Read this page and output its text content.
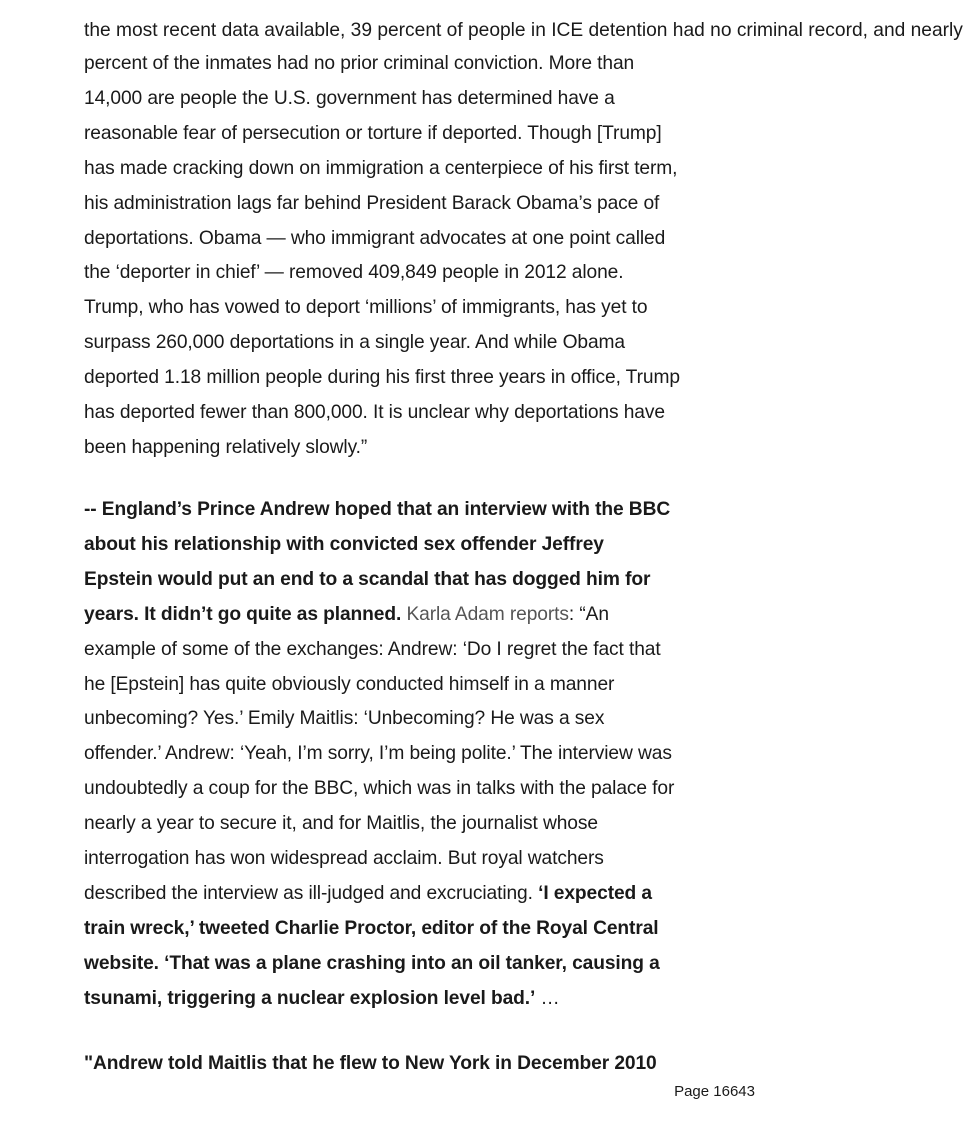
the most recent data available, 39 percent of people in ICE detention had no criminal record, and nearly

percent of the inmates had no prior criminal conviction. More than
14,000 are people the U.S. government has determined have a
reasonable fear of persecution or torture if deported. Though [Trump]
has made cracking down on immigration a centerpiece of his first term,
his administration lags far behind President Barack Obama’s pace of
deportations. Obama — who immigrant advocates at one point called
the ‘deporter in chief’ — removed 409,849 people in 2012 alone.
Trump, who has vowed to deport ‘millions’ of immigrants, has yet to
surpass 260,000 deportations in a single year. And while Obama
deported 1.18 million people during his first three years in office, Trump
has deported fewer than 800,000. It is unclear why deportations have
been happening relatively slowly.”

-- England’s Prince Andrew hoped that an interview with the BBC
about his relationship with convicted sex offender Jeffrey
Epstein would put an end to a scandal that has dogged him for
years. It didn’t go quite as planned. Karla Adam reports: “An
example of some of the exchanges: Andrew: ‘Do I regret the fact that
he [Epstein] has quite obviously conducted himself in a manner
unbecoming? Yes.’ Emily Maitlis: ‘Unbecoming? He was a sex
offender.’ Andrew: ‘Yeah, I’m sorry, I’m being polite.’ The interview was
undoubtedly a coup for the BBC, which was in talks with the palace for
nearly a year to secure it, and for Maitlis, the journalist whose
interrogation has won widespread acclaim. But royal watchers
described the interview as ill-judged and excruciating. ‘I expected a
train wreck,’ tweeted Charlie Proctor, editor of the Royal Central
website. ‘That was a plane crashing into an oil tanker, causing a
tsunami, triggering a nuclear explosion level bad.’ …

"Andrew told Maitlis that he flew to New York in December 2010

Page 16643
